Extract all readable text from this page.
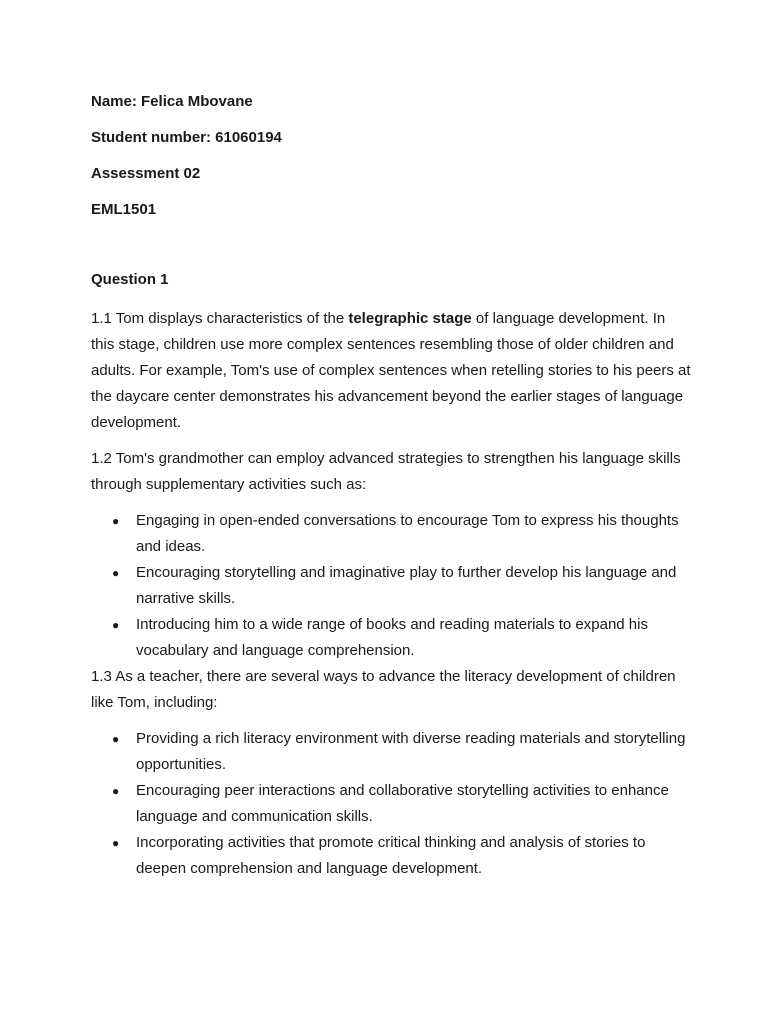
Name: Felica Mbovane
Student number: 61060194
Assessment 02
EML1501
Question 1

1.1 Tom displays characteristics of the telegraphic stage of language development. In this stage, children use more complex sentences resembling those of older children and adults. For example, Tom's use of complex sentences when retelling stories to his peers at the daycare center demonstrates his advancement beyond the earlier stages of language development.

1.2 Tom's grandmother can employ advanced strategies to strengthen his language skills through supplementary activities such as:

● Engaging in open-ended conversations to encourage Tom to express his thoughts and ideas.
● Encouraging storytelling and imaginative play to further develop his language and narrative skills.
● Introducing him to a wide range of books and reading materials to expand his vocabulary and language comprehension.

1.3 As a teacher, there are several ways to advance the literacy development of children like Tom, including:

● Providing a rich literacy environment with diverse reading materials and storytelling opportunities.
● Encouraging peer interactions and collaborative storytelling activities to enhance language and communication skills.
● Incorporating activities that promote critical thinking and analysis of stories to deepen comprehension and language development.
